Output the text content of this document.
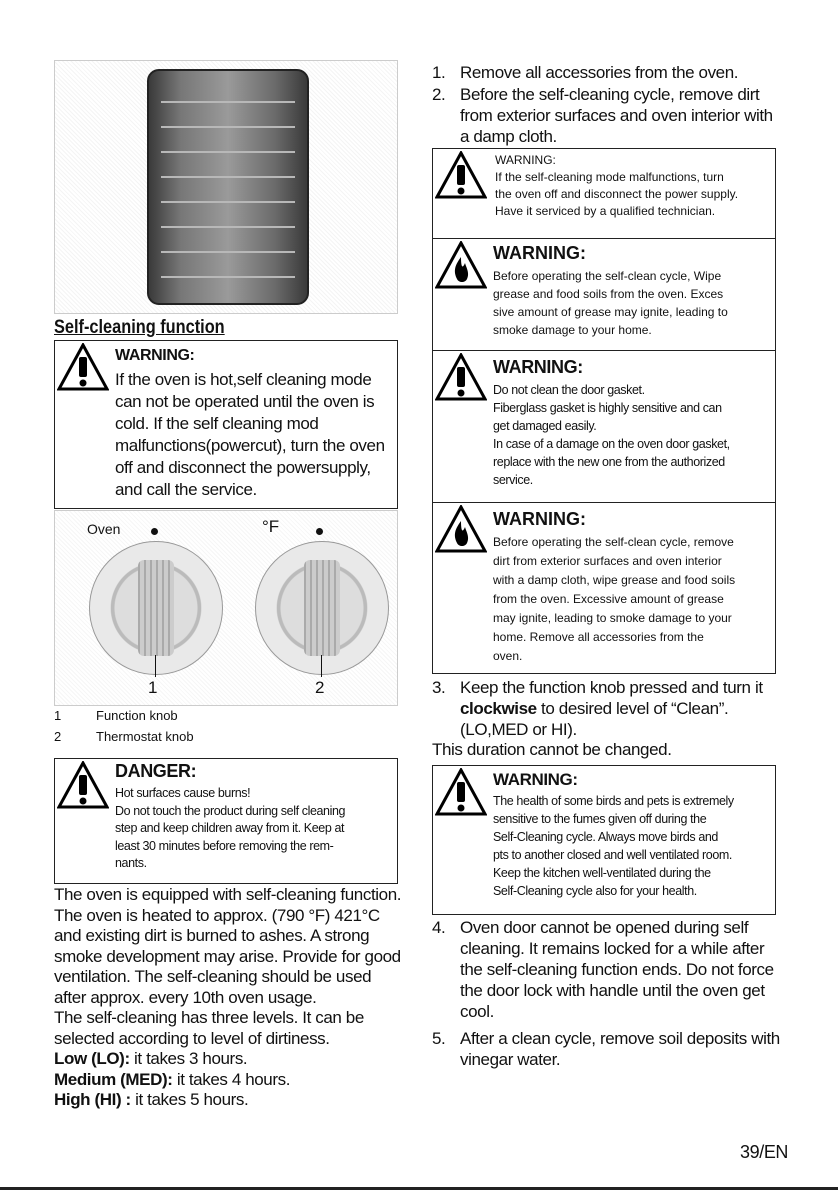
Self-cleaning function
WARNING:
If the oven is hot,self cleaning mode
can not be operated until the oven is
cold. If the self cleaning mod
malfunctions(powercut), turn the oven
off and disconnect the powersupply,
and call the service.
Oven	°F
1	2
1	Function knob
2	Thermostat knob
DANGER:
Hot surfaces cause burns!
Do not touch the product during self cleaning
step and keep children away from it. Keep at
least 30 minutes before removing the rem-
nants.

The oven is equipped with self-cleaning function.

The oven is heated to approx. (790 °F) 421°C

and existing dirt is burned to ashes. A strong

smoke development may arise. Provide for good

ventilation. The self-cleaning should be used

after approx. every 10th oven usage.

The self-cleaning has three levels. It can be

selected according to level of dirtiness.

Low (LO): it takes 3 hours.

Medium (MED): it takes 4 hours.

High (HI) : it takes 5 hours.

1. Remove all accessories from the oven.
2. Before the self-cleaning cycle, remove dirt
from exterior surfaces and oven interior with
a damp cloth.
WARNING:
If the self-cleaning mode malfunctions, turn
the oven off and disconnect the power supply.
Have it serviced by a qualified technician.
WARNING:
Before operating the self-clean cycle, Wipe
grease and food soils from the oven. Exces
sive amount of grease may ignite, leading to
smoke damage to your home.
WARNING:
Do not clean the door gasket.
Fiberglass gasket is highly sensitive and can
get damaged easily.
In case of a damage on the oven door gasket,
replace with the new one from the authorized
service.
WARNING:
Before operating the self-clean cycle, remove
dirt from exterior surfaces and oven interior
with a damp cloth, wipe grease and food soils
from the oven. Excessive amount of grease
may ignite, leading to smoke damage to your
home. Remove all accessories from the
oven.
3. Keep the function knob pressed and turn it
clockwise to desired level of “Clean”.
(LO,MED or HI).
This duration cannot be changed.
WARNING:
The health of some birds and pets is extremely
sensitive to the fumes given off during the
Self-Cleaning cycle. Always move birds and
pts to another closed and well ventilated room.
Keep the kitchen well-ventilated during the
Self-Cleaning cycle also for your health.
4. Oven door cannot be opened during self
cleaning. It remains locked for a while after
the self-cleaning function ends. Do not force
the door lock with handle until the oven get
cool.
5. After a clean cycle, remove soil deposits with
vinegar water.
39/EN
